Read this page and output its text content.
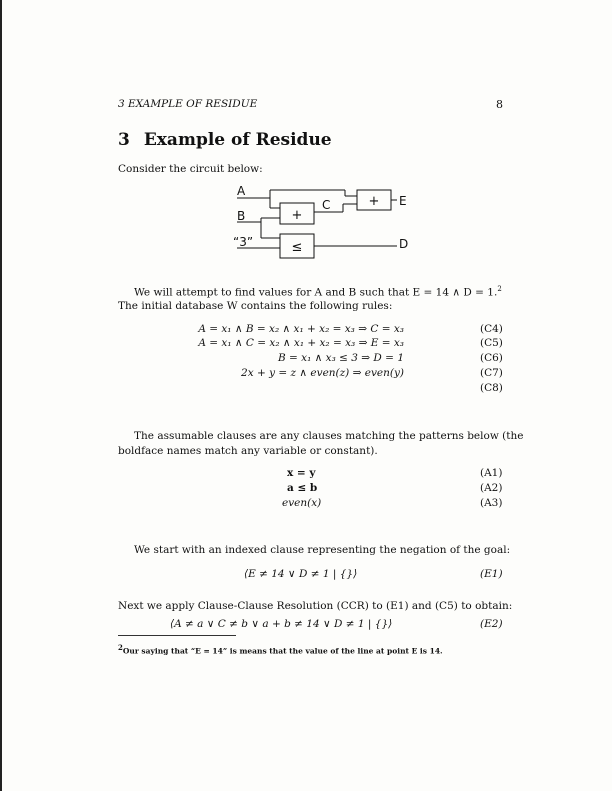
3 EXAMPLE OF RESIDUE	8
3 Example of Residue
Consider the circuit below:
A
B
“3”
C	E
D
+
+
≤
We will attempt to find values for A and B such that E = 14 ∧ D = 1.$^2$
The initial database W contains the following rules:
A = x₁ ∧ B = x₂ ∧ x₁ + x₂ = x₃ ⇒ C = x₃	(C4)
A = x₁ ∧ C = x₂ ∧ x₁ + x₂ = x₃ ⇒ E = x₃	(C5)
B = x₁ ∧ x₃ ≤ 3 ⇒ D = 1	(C6)
2x + y = z ∧ even(z) ⇒ even(y)	(C7)
(C8)
The assumable clauses are any clauses matching the patterns below (the
boldface names match any variable or constant).
x = y	(A1)
a ≤ b	(A2)
even(x)	(A3)
We start with an indexed clause representing the negation of the goal:
⟨E ≠ 14 ∨ D ≠ 1 | {}⟩	(E1)
Next we apply Clause-Clause Resolution (CCR) to (E1) and (C5) to obtain:
⟨A ≠ a ∨ C ≠ b ∨ a + b ≠ 14 ∨ D ≠ 1 | {}⟩	(E2)
2Our saying that “E = 14” is means that the value of the line at point E is 14.
